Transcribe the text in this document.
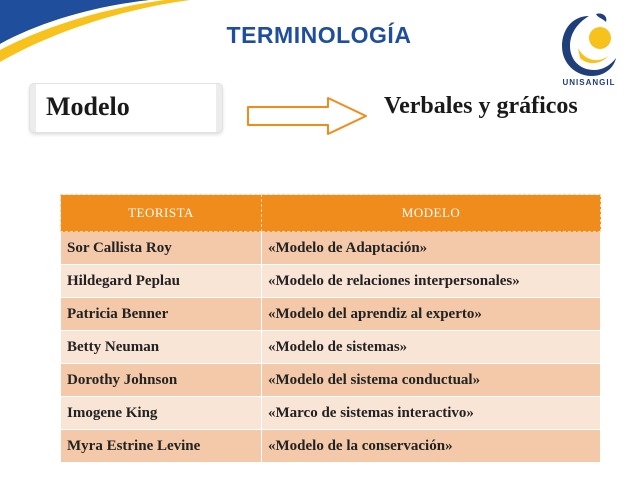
TERMINOLOGÍA
UNISANGIL
Modelo	Verbales y gráficos
TEORISTA	MODELO
Sor Callista Roy	«Modelo de Adaptación»
Hildegard Peplau	«Modelo de relaciones interpersonales»
Patricia Benner	«Modelo del aprendiz al experto»
Betty Neuman	«Modelo de sistemas»
Dorothy Johnson	«Modelo del sistema conductual»
Imogene King	«Marco de sistemas interactivo»
Myra Estrine Levine	«Modelo de la conservación»
